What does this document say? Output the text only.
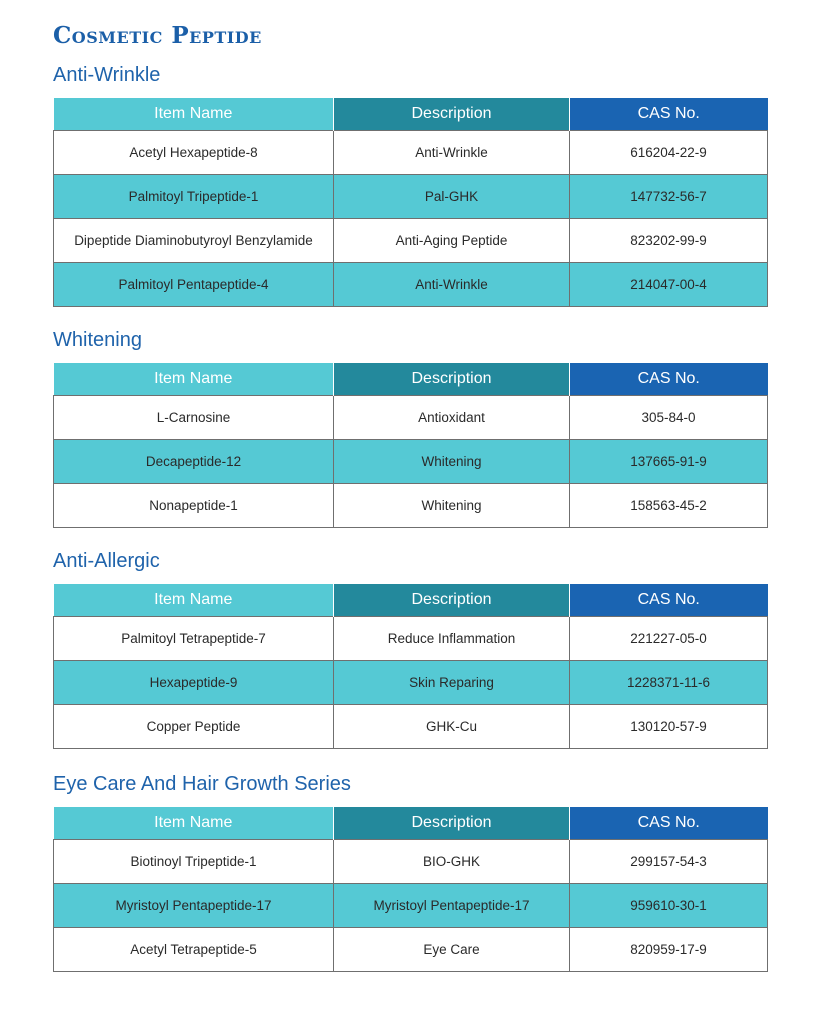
Cosmetic Peptide
Anti-Wrinkle
Item Name	Description	CAS No.
Acetyl Hexapeptide-8	Anti-Wrinkle	616204-22-9
Palmitoyl Tripeptide-1	Pal-GHK	147732-56-7
Dipeptide Diaminobutyroyl Benzylamide	Anti-Aging Peptide	823202-99-9
Palmitoyl Pentapeptide-4	Anti-Wrinkle	214047-00-4
Whitening
Item Name	Description	CAS No.
L-Carnosine	Antioxidant	305-84-0
Decapeptide-12	Whitening	137665-91-9
Nonapeptide-1	Whitening	158563-45-2
Anti-Allergic
Item Name	Description	CAS No.
Palmitoyl Tetrapeptide-7	Reduce Inflammation	221227-05-0
Hexapeptide-9	Skin Reparing	1228371-11-6
Copper Peptide	GHK-Cu	130120-57-9
Eye Care And Hair Growth Series
Item Name	Description	CAS No.
Biotinoyl Tripeptide-1	BIO-GHK	299157-54-3
Myristoyl Pentapeptide-17	Myristoyl Pentapeptide-17	959610-30-1
Acetyl Tetrapeptide-5	Eye Care	820959-17-9
